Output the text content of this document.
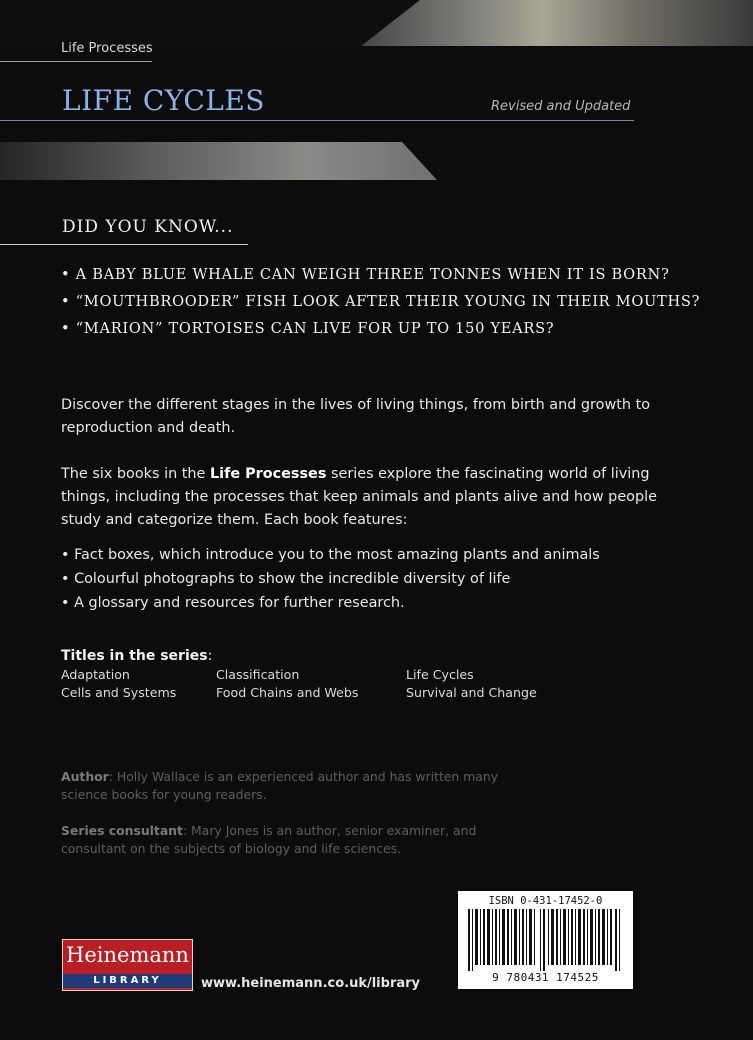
Life Processes
LIFE CYCLES	Revised and Updated
DID YOU KNOW...
• A BABY BLUE WHALE CAN WEIGH THREE TONNES WHEN IT IS BORN?
• “MOUTHBROODER” FISH LOOK AFTER THEIR YOUNG IN THEIR MOUTHS?
• “MARION” TORTOISES CAN LIVE FOR UP TO 150 YEARS?
Discover the different stages in the lives of living things, from birth and growth to reproduction and death.
The six books in the Life Processes series explore the fascinating world of living things, including the processes that keep animals and plants alive and how people study and categorize them. Each book features:
• Fact boxes, which introduce you to the most amazing plants and animals
• Colourful photographs to show the incredible diversity of life
• A glossary and resources for further research.
Titles in the series:
Adaptation	Classification	Life Cycles
Cells and Systems	Food Chains and Webs	Survival and Change
Author: Holly Wallace is an experienced author and has written many science books for young readers.
Series consultant: Mary Jones is an author, senior examiner, and consultant on the subjects of biology and life sciences.
ISBN 0-431-17452-0
9 780431 174525
Heinemann
LIBRARY	www.heinemann.co.uk/library
